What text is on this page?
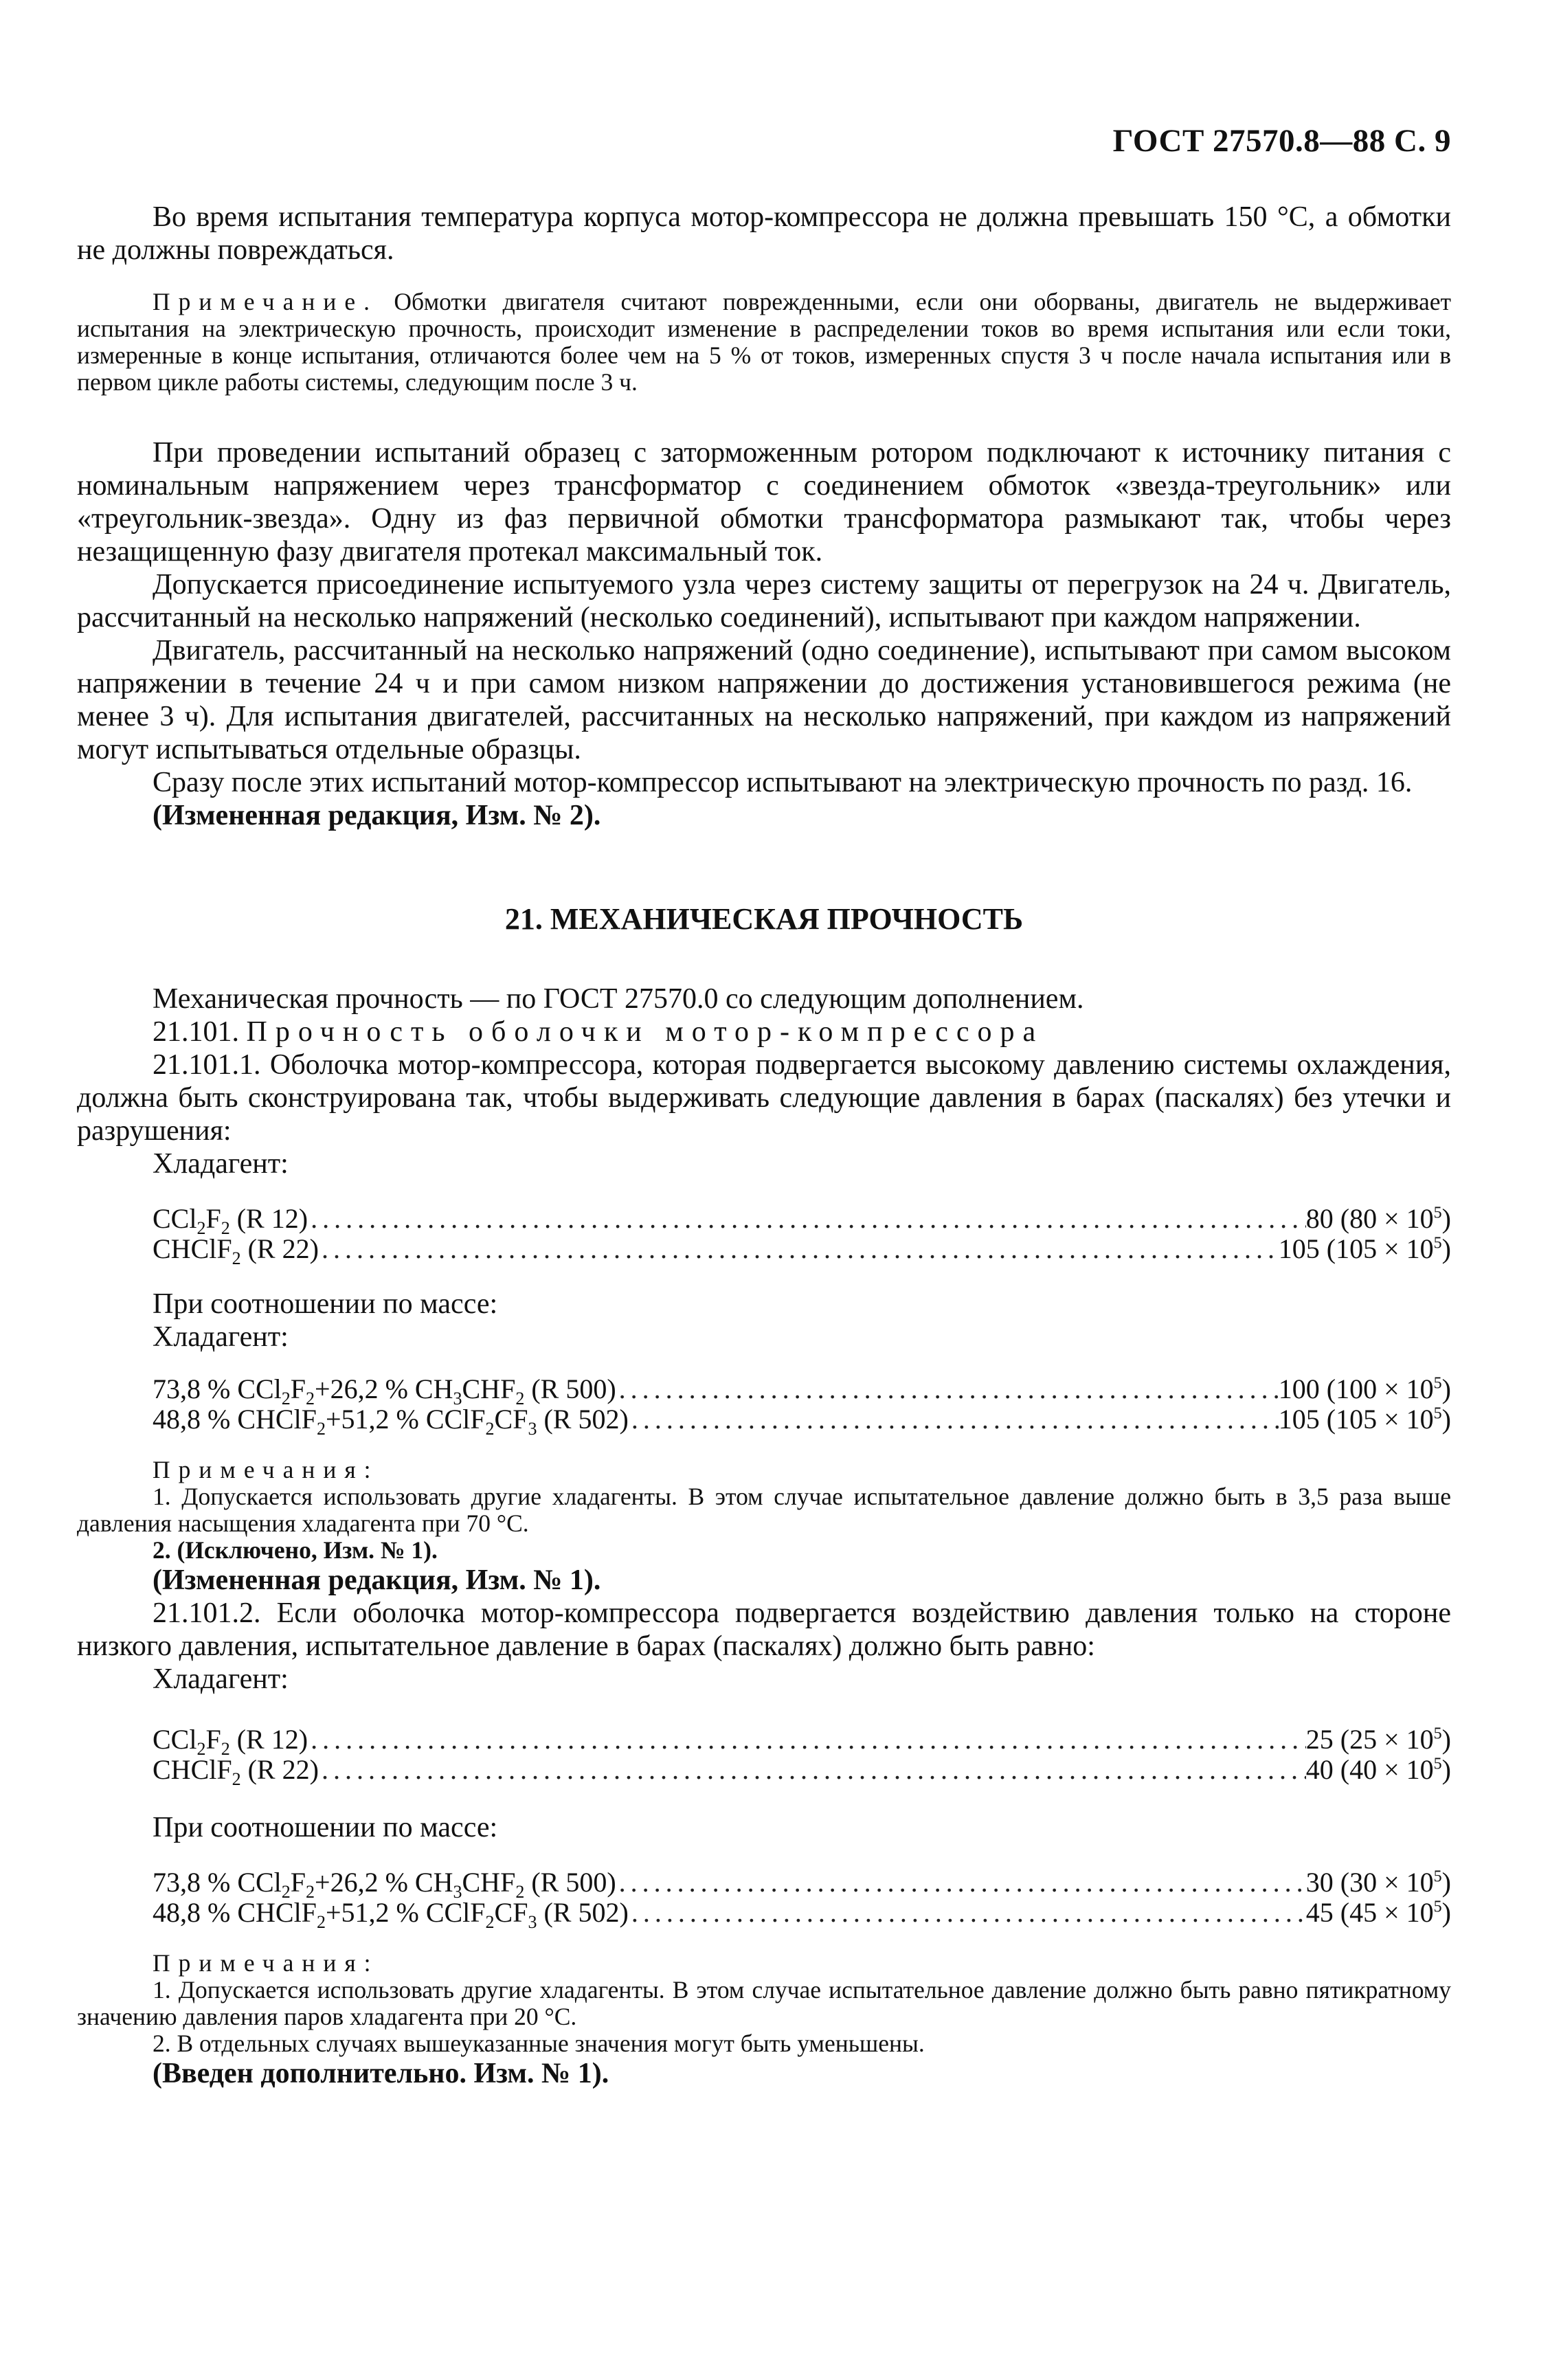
ГОСТ 27570.8—88 С. 9

Во время испытания температура корпуса мотор-компрессора не должна превышать 150 °С, а обмотки не должны повреждаться.

Примечание. Обмотки двигателя считают поврежденными, если они оборваны, двигатель не выдерживает испытания на электрическую прочность, происходит изменение в распределении токов во время испытания или если токи, измеренные в конце испытания, отличаются более чем на 5 % от токов, измеренных спустя 3 ч после начала испытания или в первом цикле работы системы, следующим после 3 ч.

При проведении испытаний образец с заторможенным ротором подключают к источнику питания с номинальным напряжением через трансформатор с соединением обмоток «звезда-треугольник» или «треугольник-звезда». Одну из фаз первичной обмотки трансформатора размыкают так, чтобы через незащищенную фазу двигателя протекал максимальный ток.

Допускается присоединение испытуемого узла через систему защиты от перегрузок на 24 ч. Двигатель, рассчитанный на несколько напряжений (несколько соединений), испытывают при каждом напряжении.

Двигатель, рассчитанный на несколько напряжений (одно соединение), испытывают при самом высоком напряжении в течение 24 ч и при самом низком напряжении до достижения установившегося режима (не менее 3 ч). Для испытания двигателей, рассчитанных на несколько напряжений, при каждом из напряжений могут испытываться отдельные образцы.

Сразу после этих испытаний мотор-компрессор испытывают на электрическую прочность по разд. 16.

(Измененная редакция, Изм. № 2).

21. МЕХАНИЧЕСКАЯ ПРОЧНОСТЬ

Механическая прочность — по ГОСТ 27570.0 со следующим дополнением.

21.101. Прочность оболочки мотор-компрессора

21.101.1. Оболочка мотор-компрессора, которая подвергается высокому давлению системы охлаждения, должна быть сконструирована так, чтобы выдерживать следующие давления в барах (паскалях) без утечки и разрушения:

Хладагент:

$CCl_2F_2$ (R 12) .....	80 $(80 \times 10^5)$
CHClF$_2$ (R 22) .....	105 $(105 \times 10^5)$

При соотношении по массе:

Хладагент:

73,8 % $CCl_2F_2+26,2$ % $CH_3CHF_2$ (R 500) .....	100 $(100 \times 10^5)$
48,8 % CHClF$_2$+51,2 % $CClF_2CF_3$ (R 502) .....	105 $(105 \times 10^5)$

Примечания:

1. Допускается использовать другие хладагенты. В этом случае испытательное давление должно быть в 3,5 раза выше давления насыщения хладагента при 70 °С.

2. (Исключено, Изм. № 1).

(Измененная редакция, Изм. № 1).

21.101.2. Если оболочка мотор-компрессора подвергается воздействию давления только на стороне низкого давления, испытательное давление в барах (паскалях) должно быть равно:

Хладагент:

$CCl_2F_2$ (R 12) .....	25 $(25 \times 10^5)$
CHClF$_2$ (R 22) .....	40 $(40 \times 10^5)$

При соотношении по массе:

73,8 % $CCl_2F_2+26,2$ % $CH_3CHF_2$ (R 500) .....	30 $(30 \times 10^5)$
48,8 % CHClF$_2$+51,2 % $CClF_2CF_3$ (R 502) .....	45 $(45 \times 10^5)$

Примечания:

1. Допускается использовать другие хладагенты. В этом случае испытательное давление должно быть равно пятикратному значению давления паров хладагента при 20 °С.

2. В отдельных случаях вышеуказанные значения могут быть уменьшены.

(Введен дополнительно. Изм. № 1).
